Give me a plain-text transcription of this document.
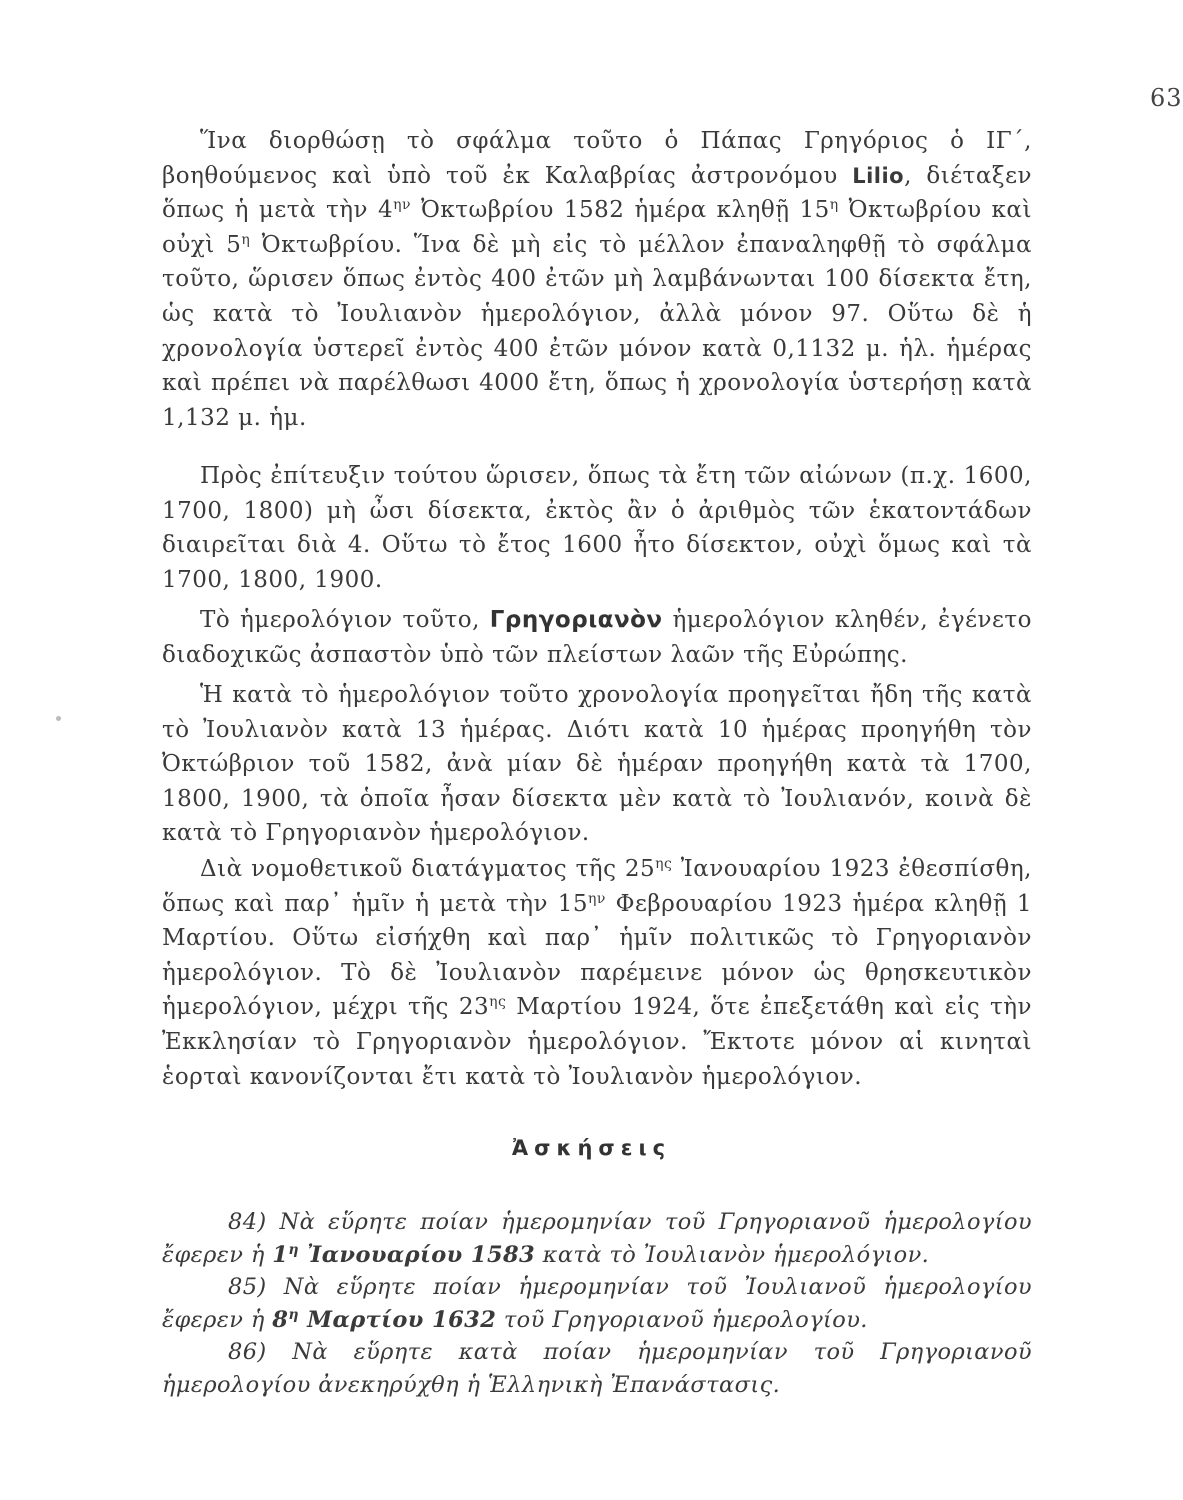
63

Ἵνα διορθώσῃ τὸ σφάλμα τοῦτο ὁ Πάπας Γρηγόριος ὁ ΙΓ΄, βοηθούμενος καὶ ὑπὸ τοῦ ἐκ Καλαβρίας ἀστρονόμου Lilio, διέταξεν ὅπως ἡ μετὰ τὴν $4^{\eta\nu}$ Ὀκτωβρίου 1582 ἡμέρα κληθῇ $15^\eta$ Ὀκτωβρίου καὶ οὐχὶ $5^\eta$ Ὀκτωβρίου. Ἵνα δὲ μὴ εἰς τὸ μέλλον ἐπαναληφθῇ τὸ σφάλμα τοῦτο, ὥρισεν ὅπως ἐντὸς 400 ἐτῶν μὴ λαμβάνωνται 100 δίσεκτα ἔτη, ὡς κατὰ τὸ Ἰουλιανὸν ἡμερολόγιον, ἀλλὰ μόνον 97. Οὕτω δὲ ἡ χρονολογία ὑστερεῖ ἐντὸς 400 ἐτῶν μόνον κατὰ 0,1132 μ. ἡλ. ἡμέρας καὶ πρέπει νὰ παρέλθωσι 4000 ἔτη, ὅπως ἡ χρονολογία ὑστερήσῃ κατὰ 1,132 μ. ἡμ.

Πρὸς ἐπίτευξιν τούτου ὥρισεν, ὅπως τὰ ἔτη τῶν αἰώνων (π.χ. 1600, 1700, 1800) μὴ ὦσι δίσεκτα, ἐκτὸς ἂν ὁ ἀριθμὸς τῶν ἑκατοντάδων διαιρεῖται διὰ 4. Οὕτω τὸ ἔτος 1600 ἦτο δίσεκτον, οὐχὶ ὅμως καὶ τὰ 1700, 1800, 1900.

Τὸ ἡμερολόγιον τοῦτο, Γρηγοριανὸν ἡμερολόγιον κληθέν, ἐγένετο διαδοχικῶς ἀσπαστὸν ὑπὸ τῶν πλείστων λαῶν τῆς Εὐρώπης.

Ἡ κατὰ τὸ ἡμερολόγιον τοῦτο χρονολογία προηγεῖται ἤδη τῆς κατὰ τὸ Ἰουλιανὸν κατὰ 13 ἡμέρας. Διότι κατὰ 10 ἡμέρας προηγήθη τὸν Ὀκτώβριον τοῦ 1582, ἀνὰ μίαν δὲ ἡμέραν προηγήθη κατὰ τὰ 1700, 1800, 1900, τὰ ὁποῖα ἦσαν δίσεκτα μὲν κατὰ τὸ Ἰουλιανόν, κοινὰ δὲ κατὰ τὸ Γρηγοριανὸν ἡμερολόγιον.

Διὰ νομοθετικοῦ διατάγματος τῆς $25^{\eta\varsigma}$ Ἰανουαρίου 1923 ἐθεσπίσθη, ὅπως καὶ παρ᾽ ἡμῖν ἡ μετὰ τὴν $15^{\eta\nu}$ Φεβρουαρίου 1923 ἡμέρα κληθῇ 1 Μαρτίου. Οὕτω εἰσήχθη καὶ παρ᾽ ἡμῖν πολιτικῶς τὸ Γρηγοριανὸν ἡμερολόγιον. Τὸ δὲ Ἰουλιανὸν παρέμεινε μόνον ὡς θρησκευτικὸν ἡμερολόγιον, μέχρι τῆς $23^{\eta\varsigma}$ Μαρτίου 1924, ὅτε ἐπεξετάθη καὶ εἰς τὴν Ἐκκλησίαν τὸ Γρηγοριανὸν ἡμερολόγιον. Ἔκτοτε μόνον αἱ κινηταὶ ἑορταὶ κανονίζονται ἔτι κατὰ τὸ Ἰουλιανὸν ἡμερολόγιον.

Ἀσκήσεις

84) Νὰ εὕρητε ποίαν ἡμερομηνίαν τοῦ Γρηγοριανοῦ ἡμερολογίου ἔφερεν ἡ $1^\eta$ Ἰανουαρίου 1583 κατὰ τὸ Ἰουλιανὸν ἡμερολόγιον.

85) Νὰ εὕρητε ποίαν ἡμερομηνίαν τοῦ Ἰουλιανοῦ ἡμερολογίου ἔφερεν ἡ $8^\eta$ Μαρτίου 1632 τοῦ Γρηγοριανοῦ ἡμερολογίου.

86) Νὰ εὕρητε κατὰ ποίαν ἡμερομηνίαν τοῦ Γρηγοριανοῦ ἡμερολογίου ἀνεκηρύχθη ἡ Ἑλληνικὴ Ἐπανάστασις.
